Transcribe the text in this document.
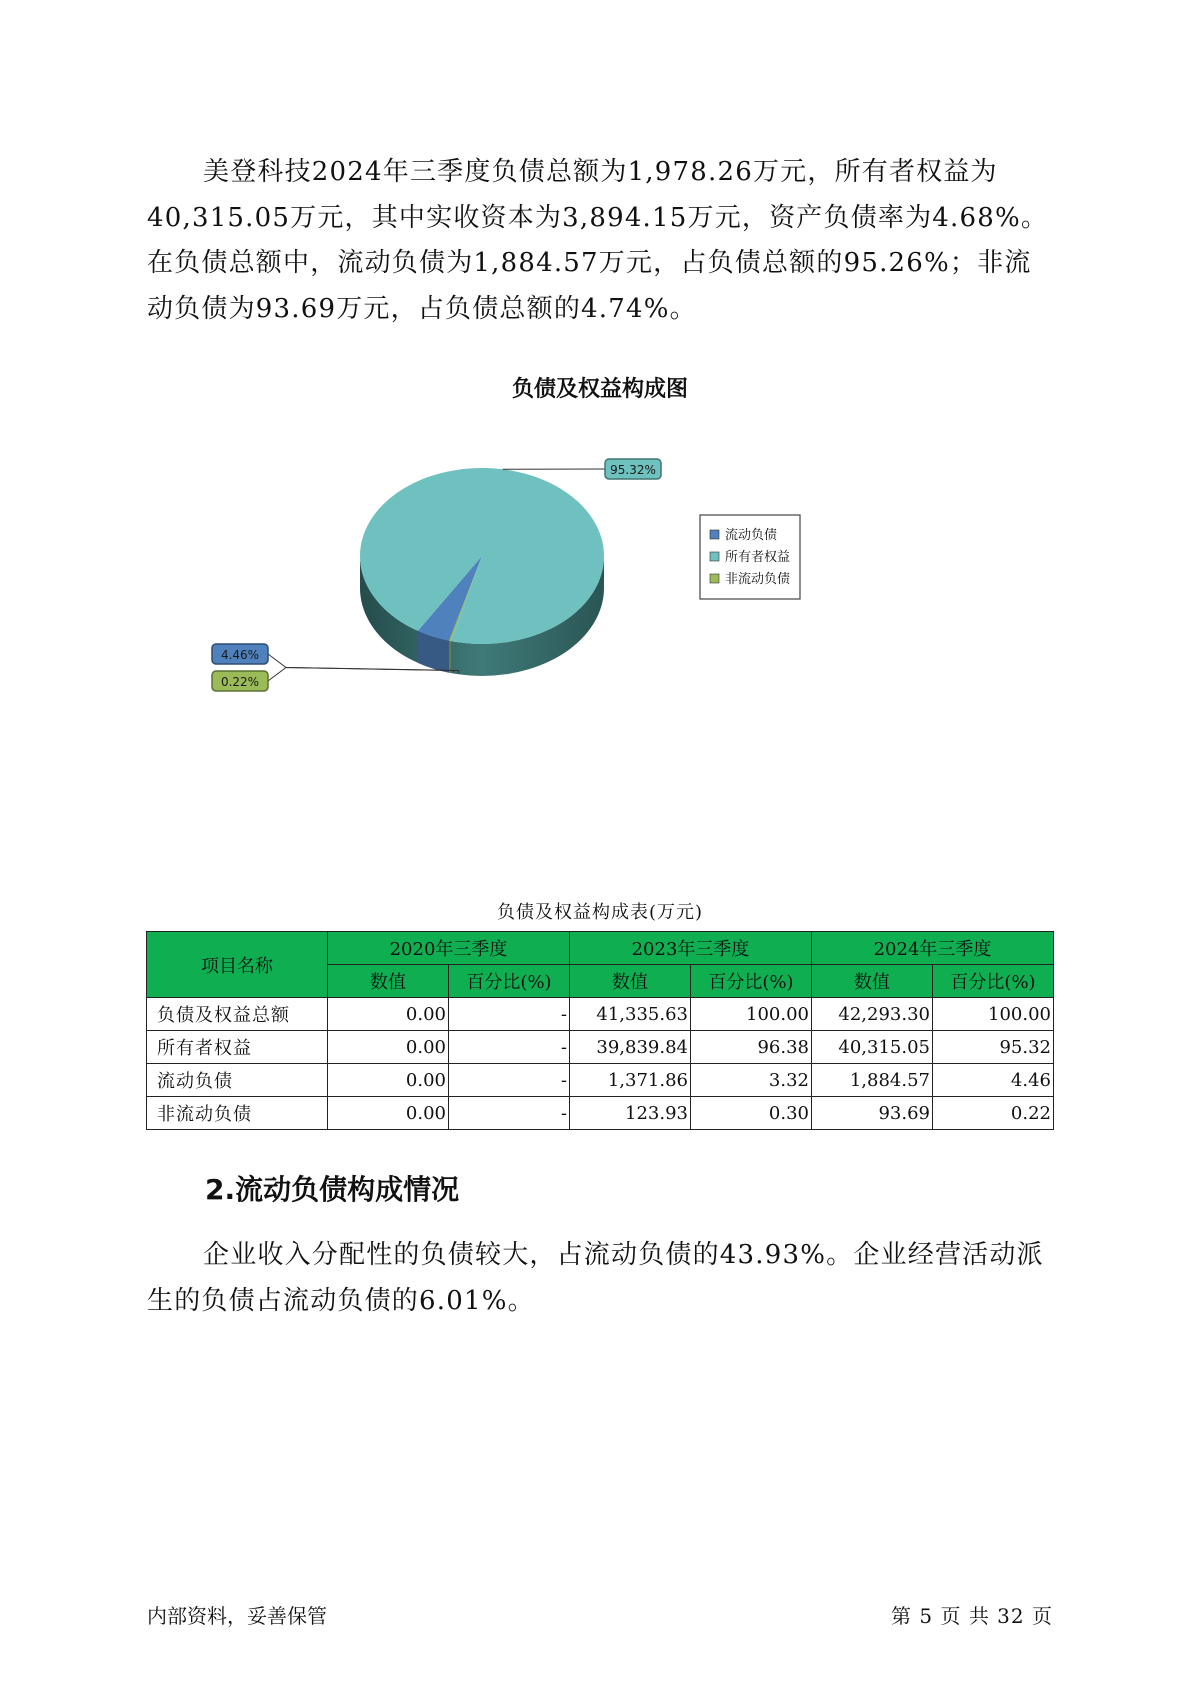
美登科技2024年三季度负债总额为1,978.26万元，所有者权益为40,315.05万元，其中实收资本为3,894.15万元，资产负债率为4.68%。在负债总额中，流动负债为1,884.57万元，占负债总额的95.26%；非流动负债为93.69万元，占负债总额的4.74%。

负债及权益构成图
4.46%
95.32%
0.22%
流动负债
所有者权益
非流动负债
负债及权益构成表(万元)
项目名称	2020年三季度		2023年三季度		2024年三季度	
	数值	百分比(%)	数值	百分比(%)	数值	百分比(%)
负债及权益总额	0.00	-	41,335.63	100.00	42,293.30	100.00
所有者权益	0.00	-	39,839.84	96.38	40,315.05	95.32
流动负债	0.00	-	1,371.86	3.32	1,884.57	4.46
非流动负债	0.00	-	123.93	0.30	93.69	0.22
2.流动负债构成情况

企业收入分配性的负债较大，占流动负债的43.93%。企业经营活动派生的负债占流动负债的6.01%。

内部资料，妥善保管	第 5 页 共 32 页
